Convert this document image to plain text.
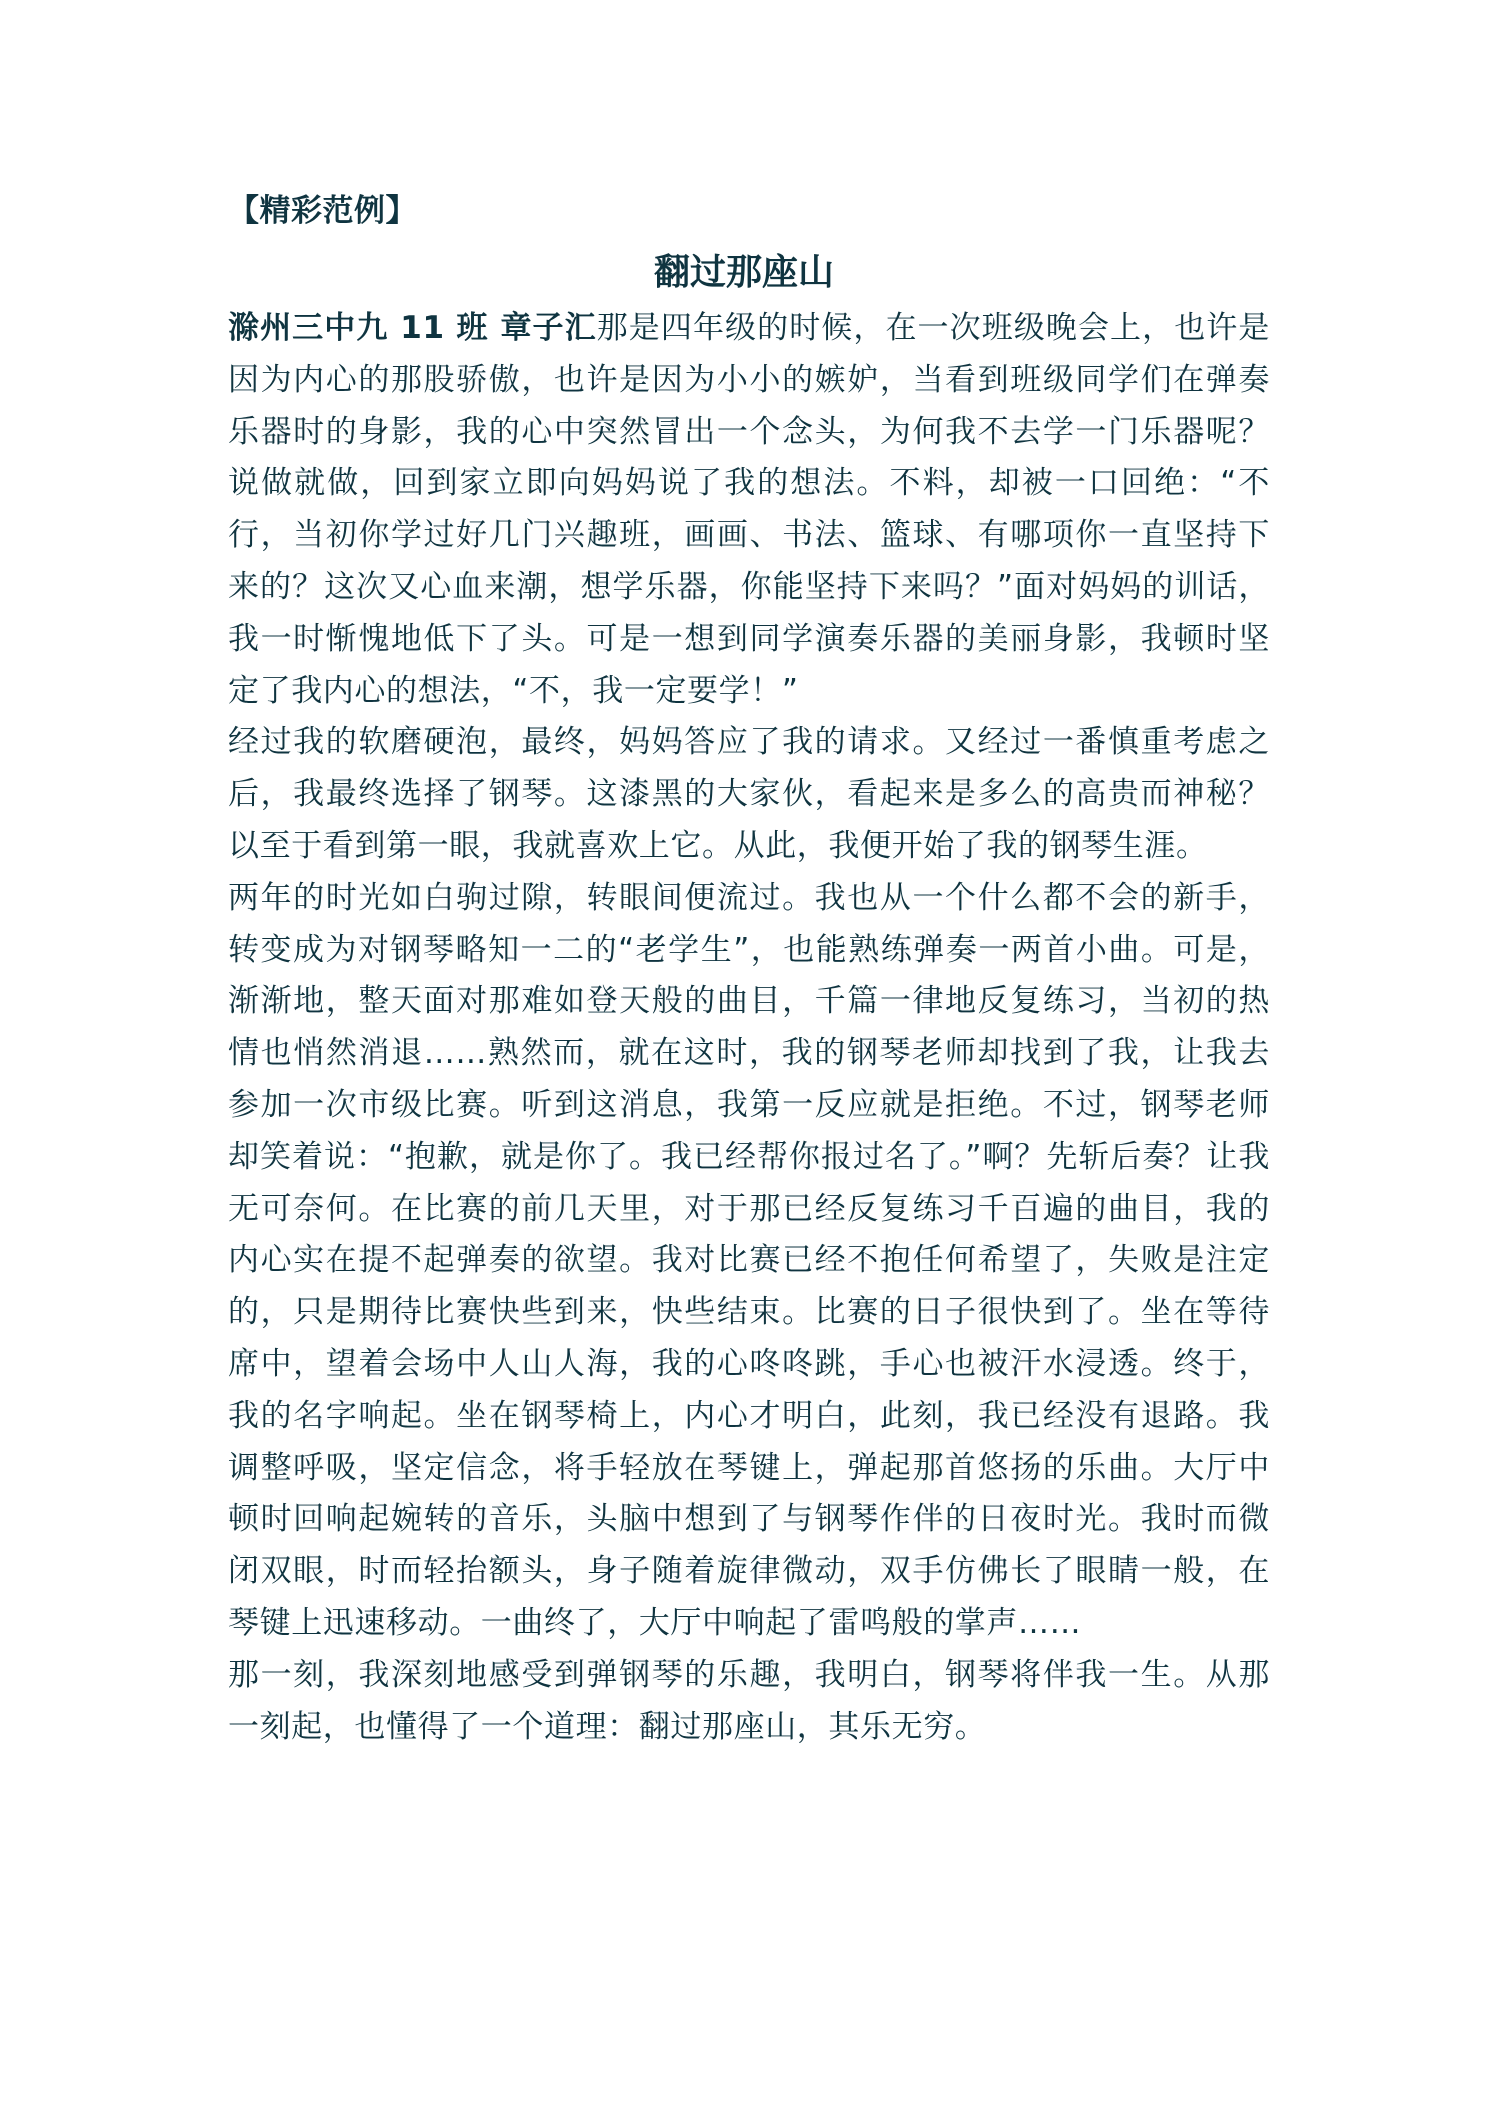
【精彩范例】
翻过那座山

滁州三中九 11 班 章子汇那是四年级的时候，在一次班级晚会上，也许是因为内心的那股骄傲，也许是因为小小的嫉妒，当看到班级同学们在弹奏乐器时的身影，我的心中突然冒出一个念头，为何我不去学一门乐器呢？说做就做，回到家立即向妈妈说了我的想法。不料，却被一口回绝：“不行，当初你学过好几门兴趣班，画画、书法、篮球、有哪项你一直坚持下来的？这次又心血来潮，想学乐器，你能坚持下来吗？”面对妈妈的训话，我一时惭愧地低下了头。可是一想到同学演奏乐器的美丽身影，我顿时坚定了我内心的想法，“不，我一定要学！”

经过我的软磨硬泡，最终，妈妈答应了我的请求。又经过一番慎重考虑之后，我最终选择了钢琴。这漆黑的大家伙，看起来是多么的高贵而神秘？以至于看到第一眼，我就喜欢上它。从此，我便开始了我的钢琴生涯。

两年的时光如白驹过隙，转眼间便流过。我也从一个什么都不会的新手，转变成为对钢琴略知一二的“老学生”，也能熟练弹奏一两首小曲。可是，渐渐地，整天面对那难如登天般的曲目，千篇一律地反复练习，当初的热情也悄然消退……熟然而，就在这时，我的钢琴老师却找到了我，让我去参加一次市级比赛。听到这消息，我第一反应就是拒绝。不过，钢琴老师却笑着说：“抱歉，就是你了。我已经帮你报过名了。”啊？先斩后奏？让我无可奈何。在比赛的前几天里，对于那已经反复练习千百遍的曲目，我的内心实在提不起弹奏的欲望。我对比赛已经不抱任何希望了，失败是注定的，只是期待比赛快些到来，快些结束。比赛的日子很快到了。坐在等待席中，望着会场中人山人海，我的心咚咚跳，手心也被汗水浸透。终于，我的名字响起。坐在钢琴椅上，内心才明白，此刻，我已经没有退路。我调整呼吸，坚定信念，将手轻放在琴键上，弹起那首悠扬的乐曲。大厅中顿时回响起婉转的音乐，头脑中想到了与钢琴作伴的日夜时光。我时而微闭双眼，时而轻抬额头，身子随着旋律微动，双手仿佛长了眼睛一般，在琴键上迅速移动。一曲终了，大厅中响起了雷鸣般的掌声……

那一刻，我深刻地感受到弹钢琴的乐趣，我明白，钢琴将伴我一生。从那一刻起，也懂得了一个道理：翻过那座山，其乐无穷。
